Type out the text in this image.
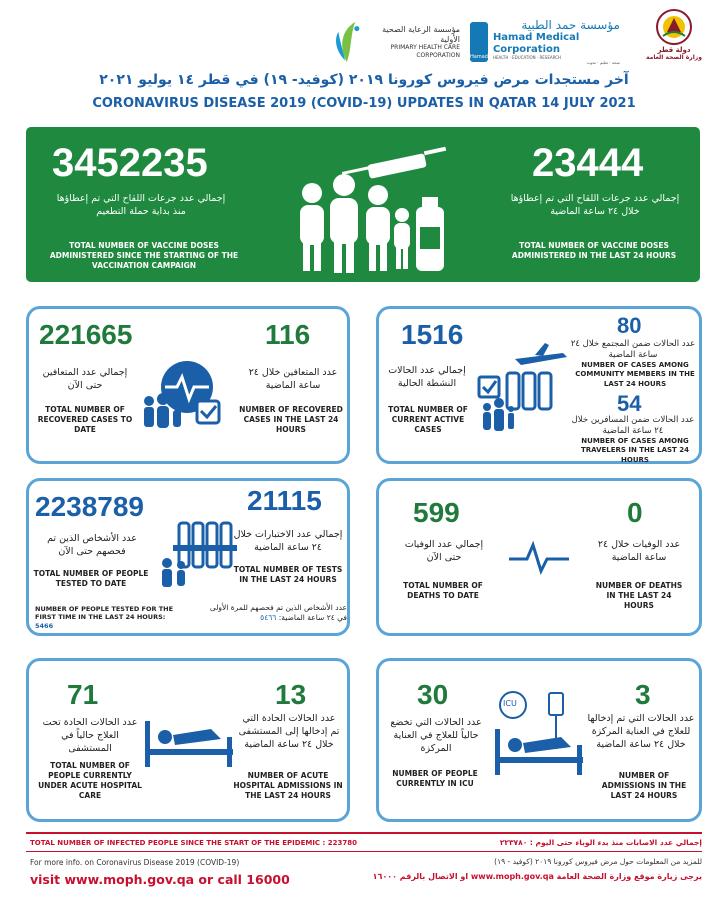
مؤسسة الرعاية الصحية الأولية
PRIMARY HEALTH CARE CORPORATION Hamad
مؤسسة حمد الطبية
Hamad Medical Corporation
HEALTH · EDUCATION · RESEARCH
صحة · تعليم · بحوث
دولة قطر
وزارة الصحة العامة
آخر مستجدات مرض فيروس كورونا ٢٠١٩ (كوفيد- ١٩) في قطر ١٤ يوليو ٢٠٢١
CORONAVIRUS DISEASE 2019 (COVID-19) UPDATES IN QATAR 14 JULY 2021
3452235
إجمالي عدد جرعات اللقاح التي تم إعطاؤها منذ بداية حملة التطعيم
TOTAL NUMBER OF VACCINE DOSES ADMINISTERED SINCE THE STARTING OF THE VACCINATION CAMPAIGN
23444
إجمالي عدد جرعات اللقاح التي تم إعطاؤها خلال ٢٤ ساعة الماضية
TOTAL NUMBER OF VACCINE DOSES ADMINISTERED IN THE LAST 24 HOURS
221665
إجمالي عدد المتعافين حتى الآن
TOTAL NUMBER OF RECOVERED CASES TO DATE
116
عدد المتعافين خلال ٢٤ ساعة الماضية
NUMBER OF RECOVERED CASES IN THE LAST 24 HOURS
1516
إجمالي عدد الحالات النشطة الحالية
TOTAL NUMBER OF CURRENT ACTIVE CASES
80
عدد الحالات ضمن المجتمع خلال ٢٤ ساعة الماضية
NUMBER OF CASES AMONG COMMUNITY MEMBERS IN THE LAST 24 HOURS
54
عدد الحالات ضمن المسافرين خلال ٢٤ ساعة الماضية
NUMBER OF CASES AMONG TRAVELERS IN THE LAST 24 HOURS
2238789
عدد الأشخاص الذين تم فحصهم حتى الآن
TOTAL NUMBER OF PEOPLE TESTED TO DATE
21115
إجمالي عدد الاختبارات خلال ٢٤ ساعة الماضية
TOTAL NUMBER OF TESTS IN THE LAST 24 HOURS
NUMBER OF PEOPLE TESTED FOR THE FIRST TIME IN THE LAST 24 HOURS: 5466
عدد الأشخاص الذين تم فحصهم للمرة الأولى في ٢٤ ساعة الماضية: ٥٤٦٦
599
إجمالي عدد الوفيات حتى الآن
TOTAL NUMBER OF DEATHS TO DATE
0
عدد الوفيات خلال ٢٤ ساعة الماضية
NUMBER OF DEATHS IN THE LAST 24 HOURS
71
عدد الحالات الحادة تحت العلاج حالياً في المستشفى
TOTAL NUMBER OF PEOPLE CURRENTLY UNDER ACUTE HOSPITAL CARE
13
عدد الحالات الحادة التي تم إدخالها إلى المستشفى خلال ٢٤ ساعة الماضية
NUMBER OF ACUTE HOSPITAL ADMISSIONS IN THE LAST 24 HOURS
30
عدد الحالات التي تخضع حالياً للعلاج في العناية المركزة
NUMBER OF PEOPLE CURRENTLY IN ICU
ICU	3
عدد الحالات التي تم إدخالها للعلاج في العناية المركزة خلال ٢٤ ساعة الماضية
NUMBER OF ADMISSIONS IN THE LAST 24 HOURS
TOTAL NUMBER OF INFECTED PEOPLE SINCE THE START OF THE EPIDEMIC : 223780	إجمالي عدد الاصابات منذ بدء الوباء حتى اليوم : ٢٢٣٧٨٠
For more info. on Coronavirus Disease 2019 (COVID-19)
visit www.moph.gov.qa or call 16000
للمزيد من المعلومات حول مرض فيروس كورونا ٢٠١٩ (كوفيد - ١٩)
يرجى زيارة موقع وزارة الصحة العامة www.moph.gov.qa او الاتصال بالرقم ١٦٠٠٠
